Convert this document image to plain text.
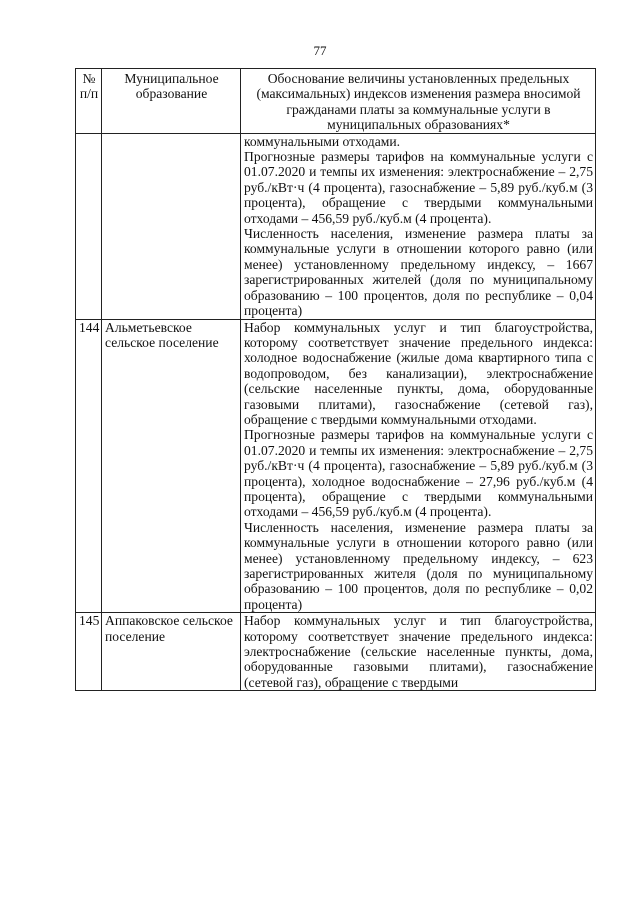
77
№ п/п	Муниципальное образование	Обоснование величины установленных предельных (максимальных) индексов изменения размера вносимой гражданами платы за коммунальные услуги в муниципальных образованиях*

		коммунальными отходами.

Прогнозные размеры тарифов на коммунальные услуги с 01.07.2020 и темпы их изменения: электроснабжение – 2,75 руб./кВт·ч (4 процента), газоснабжение – 5,89 руб./куб.м (3 процента), обращение с твердыми коммунальными отходами – 456,59 руб./куб.м (4 процента).

Численность населения, изменение размера платы за коммунальные услуги в отношении которого равно (или менее) установленному предельному индексу, – 1667 зарегистрированных жителей (доля по муниципальному образованию – 100 процентов, доля по республике – 0,04 процента)

144	Альметьевское сельское поселение	Набор коммунальных услуг и тип благоустройства, которому соответствует значение предельного индекса: холодное водоснабжение (жилые дома квартирного типа с водопроводом, без канализации), электроснабжение (сельские населенные пункты, дома, оборудованные газовыми плитами), газоснабжение (сетевой газ), обращение с твердыми коммунальными отходами.

Прогнозные размеры тарифов на коммунальные услуги с 01.07.2020 и темпы их изменения: электроснабжение – 2,75 руб./кВт·ч (4 процента), газоснабжение – 5,89 руб./куб.м (3 процента), холодное водоснабжение – 27,96 руб./куб.м (4 процента), обращение с твердыми коммунальными отходами – 456,59 руб./куб.м (4 процента).

Численность населения, изменение размера платы за коммунальные услуги в отношении которого равно (или менее) установленному предельному индексу, – 623 зарегистрированных жителя (доля по муниципальному образованию – 100 процентов, доля по республике – 0,02 процента)

145	Аппаковское сельское поселение	Набор коммунальных услуг и тип благоустройства, которому соответствует значение предельного индекса: электроснабжение (сельские населенные пункты, дома, оборудованные газовыми плитами), газоснабжение (сетевой газ), обращение с твердыми
